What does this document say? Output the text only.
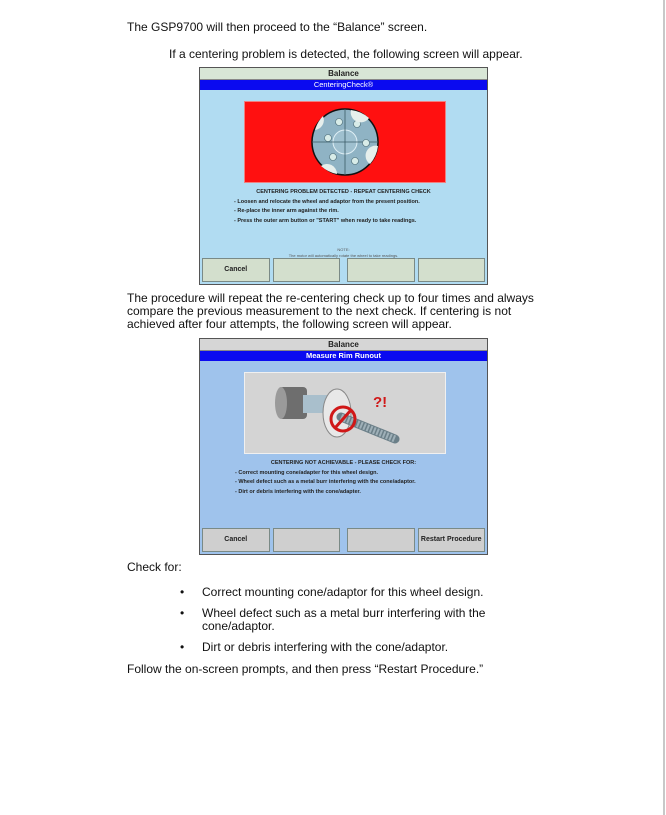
The GSP9700 will then proceed to the “Balance” screen.

If a centering problem is detected, the following screen will appear.

Balance
CenteringCheck®
CENTERING PROBLEM DETECTED - REPEAT CENTERING CHECK
- Loosen and relocate the wheel and adaptor from the present position.
- Re-place the inner arm against the rim.
- Press the outer arm button or "START" when ready to take readings.
NOTE:
The motor will automatically rotate the wheel to take readings.
Cancel

The procedure will repeat the re-centering check up to four times and always compare the previous measurement to the next check. If centering is not achieved after four attempts, the following screen will appear.

Balance
Measure Rim Runout
?!
CENTERING NOT ACHIEVABLE - PLEASE CHECK FOR:
- Correct mounting cone/adapter for this wheel design.
- Wheel defect such as a metal burr interfering with the cone/adaptor.
- Dirt or debris interfering with the cone/adapter.
Cancel	Restart Procedure

Check for:

• Correct mounting cone/adaptor for this wheel design.
• Wheel defect such as a metal burr interfering with the cone/adaptor.
• Dirt or debris interfering with the cone/adaptor.

Follow the on-screen prompts, and then press “Restart Procedure.”
